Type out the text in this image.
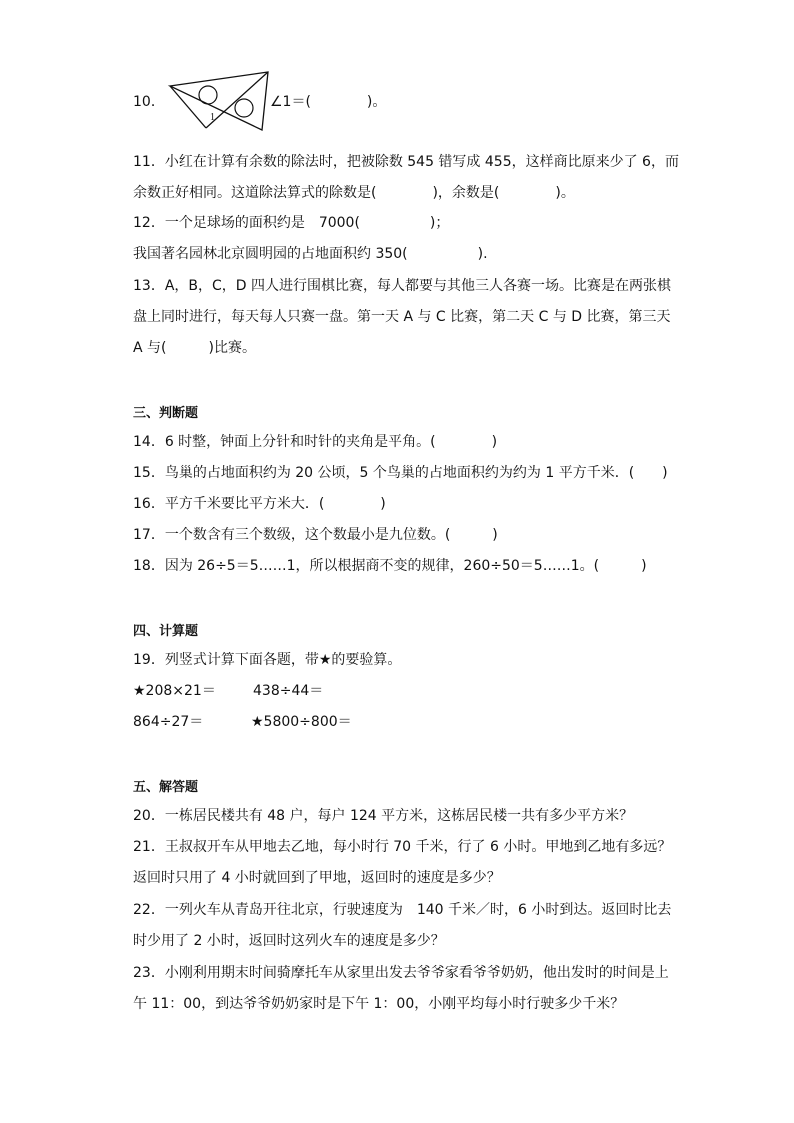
10．
1
∠1＝(　　　　)。
11．小红在计算有余数的除法时，把被除数 545 错写成 455，这样商比原来少了 6，而
余数正好相同。这道除法算式的除数是(　　　　)，余数是(　　　　)。
12．一个足球场的面积约是　7000(　　　　　)；
我国著名园林北京圆明园的占地面积约 350(　　　　　).
13．A，B，C，D 四人进行围棋比赛，每人都要与其他三人各赛一场。比赛是在两张棋
盘上同时进行，每天每人只赛一盘。第一天 A 与 C 比赛，第二天 C 与 D 比赛，第三天
A 与(　　　)比赛。
三、判断题
14．6 时整，钟面上分针和时针的夹角是平角。(　　　　)
15．鸟巢的占地面积约为 20 公顷，5 个鸟巢的占地面积约为约为 1 平方千米．(　　)
16．平方千米要比平方米大．(　　　　)
17．一个数含有三个数级，这个数最小是九位数。(　　　)
18．因为 26÷5＝5……1，所以根据商不变的规律，260÷50＝5……1。(　　　)
四、计算题
19．列竖式计算下面各题，带★的要验算。
★208×21＝	438÷44＝
864÷27＝	★5800÷800＝
五、解答题
20．一栋居民楼共有 48 户，每户 124 平方米，这栋居民楼一共有多少平方米？
21．王叔叔开车从甲地去乙地，每小时行 70 千米，行了 6 小时。甲地到乙地有多远？
返回时只用了 4 小时就回到了甲地，返回时的速度是多少？
22．一列火车从青岛开往北京，行驶速度为　140 千米／时，6 小时到达。返回时比去
时少用了 2 小时，返回时这列火车的速度是多少？
23．小刚利用期末时间骑摩托车从家里出发去爷爷家看爷爷奶奶，他出发时的时间是上
午 11：00，到达爷爷奶奶家时是下午 1：00，小刚平均每小时行驶多少千米？
